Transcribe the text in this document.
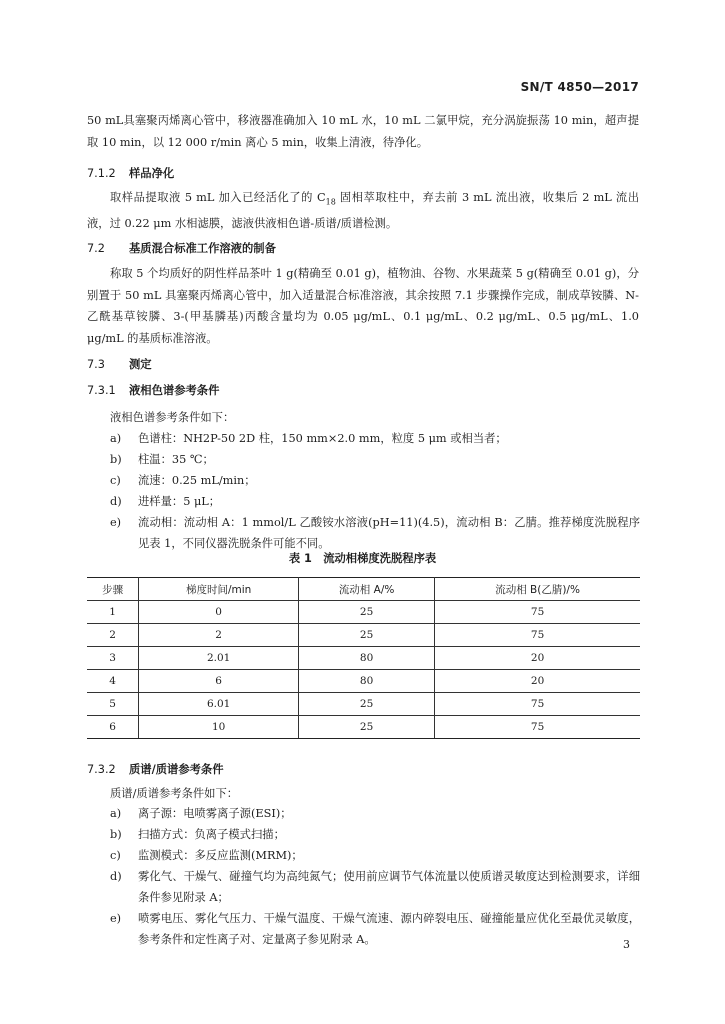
SN/T 4850—2017

50 mL具塞聚丙烯离心管中，移液器准确加入 10 mL 水，10 mL 二氯甲烷，充分涡旋振荡 10 min，超声提取 10 min，以 12 000 r/min 离心 5 min，收集上清液，待净化。

7.1.2 样品净化

取样品提取液 5 mL 加入已经活化了的 $C_{18}$ 固相萃取柱中，弃去前 3 mL 流出液，收集后 2 mL 流出液，过 0.22 μm 水相滤膜，滤液供液相色谱-质谱/质谱检测。

7.2 基质混合标准工作溶液的制备

称取 5 个均质好的阴性样品茶叶 1 g(精确至 0.01 g)，植物油、谷物、水果蔬菜 5 g(精确至 0.01 g)，分别置于 50 mL 具塞聚丙烯离心管中，加入适量混合标准溶液，其余按照 7.1 步骤操作完成，制成草铵膦、N-乙酰基草铵膦、3-(甲基膦基)丙酸含量均为 0.05 μg/mL、0.1 μg/mL、0.2 μg/mL、0.5 μg/mL、1.0 μg/mL 的基质标准溶液。

7.3 测定
7.3.1 液相色谱参考条件

液相色谱参考条件如下：

a)	色谱柱：NH2P-50 2D 柱，150 mm×2.0 mm，粒度 5 μm 或相当者；
b)	柱温：35 ℃；
c)	流速：0.25 mL/min；
d)	进样量：5 μL；
e)	流动相：流动相 A：1 mmol/L 乙酸铵水溶液(pH=11)(4.5)，流动相 B：乙腈。推荐梯度洗脱程序见表 1，不同仪器洗脱条件可能不同。

表 1　流动相梯度洗脱程序表

步骤	梯度时间/min	流动相 A/%	流动相 B(乙腈)/%
1	0	25	75
2	2	25	75
3	2.01	80	20
4	6	80	20
5	6.01	25	75
6	10	25	75
7.3.2 质谱/质谱参考条件

质谱/质谱参考条件如下：

a)	离子源：电喷雾离子源(ESI)；
b)	扫描方式：负离子模式扫描；
c)	监测模式：多反应监测(MRM)；
d)	雾化气、干燥气、碰撞气均为高纯氮气；使用前应调节气体流量以使质谱灵敏度达到检测要求，详细条件参见附录 A；
e)	喷雾电压、雾化气压力、干燥气温度、干燥气流速、源内碎裂电压、碰撞能量应优化至最优灵敏度，参考条件和定性离子对、定量离子参见附录 A。	3
